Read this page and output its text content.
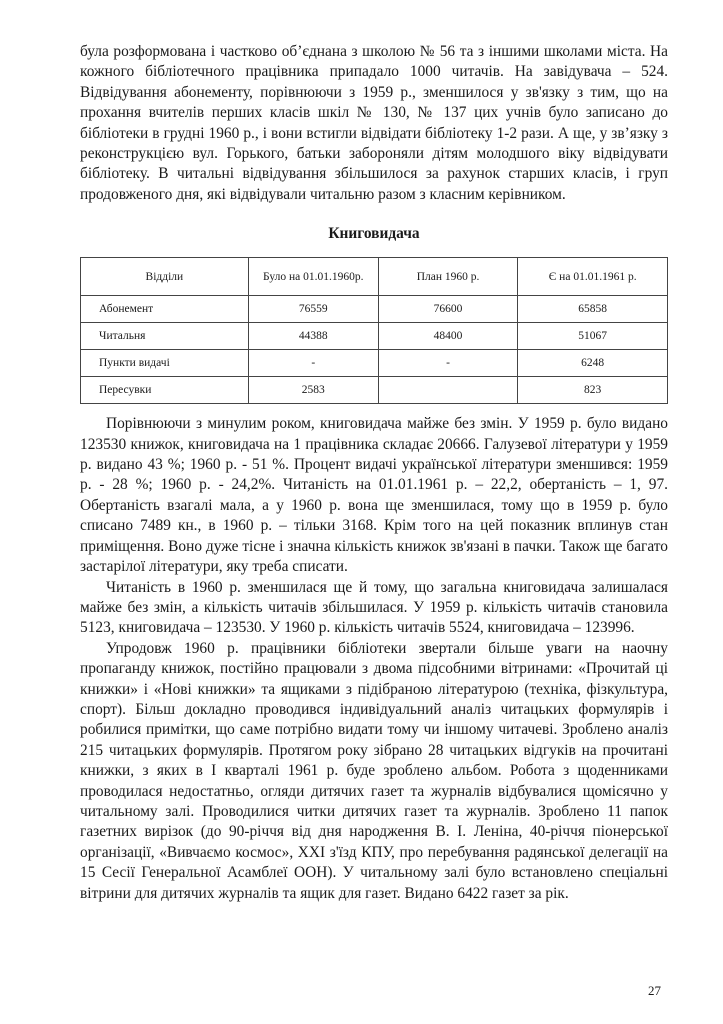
була розформована і частково об’єднана з школою № 56 та з іншими школами міста. На кожного бібліотечного працівника припадало 1000 читачів. На завідувача – 524. Відвідування абонементу, порівнюючи з 1959 р., зменшилося у зв'язку з тим, що на прохання вчителів перших класів шкіл № 130, № 137 цих учнів було записано до бібліотеки в грудні 1960 р., і вони встигли відвідати бібліотеку 1-2 рази. А ще, у зв’язку з реконструкцією вул. Горького, батьки забороняли дітям молодшого віку відвідувати бібліотеку. В читальні відвідування збільшилося за рахунок старших класів, і груп продовженого дня, які відвідували читальню разом з класним керівником.

Книговидача
Відділи	Було на 01.01.1960р.	План 1960 р.	Є на 01.01.1961 р.
Абонемент	76559	76600	65858
Читальня	44388	48400	51067
Пункти видачі	-	-	6248
Пересувки	2583		823

Порівнюючи з минулим роком, книговидача майже без змін. У 1959 р. було видано 123530 книжок, книговидача на 1 працівника складає 20666. Галузевої літератури у 1959 р. видано 43 %; 1960 р. - 51 %. Процент видачі української літератури зменшився: 1959 р. - 28 %; 1960 р. - 24,2%. Читаність на 01.01.1961 р. – 22,2, обертаність – 1, 97. Обертаність взагалі мала, а у 1960 р. вона ще зменшилася, тому що в 1959 р. було списано 7489 кн., в 1960 р. – тільки 3168. Крім того на цей показник вплинув стан приміщення. Воно дуже тісне і значна кількість книжок зв'язані в пачки. Також ще багато застарілої літератури, яку треба списати.

Читаність в 1960 р. зменшилася ще й тому, що загальна книговидача залишалася майже без змін, а кількість читачів збільшилася. У 1959 р. кількість читачів становила 5123, книговидача – 123530. У 1960 р. кількість читачів 5524, книговидача – 123996.

Упродовж 1960 р. працівники бібліотеки звертали більше уваги на наочну пропаганду книжок, постійно працювали з двома підсобними вітринами: «Прочитай ці книжки» і «Нові книжки» та ящиками з підібраною літературою (техніка, фізкультура, спорт). Більш докладно проводився індивідуальний аналіз читацьких формулярів і робилися примітки, що саме потрібно видати тому чи іншому читачеві. Зроблено аналіз 215 читацьких формулярів. Протягом року зібрано 28 читацьких відгуків на прочитані книжки, з яких в І кварталі 1961 р. буде зроблено альбом. Робота з щоденниками проводилася недостатньо, огляди дитячих газет та журналів відбувалися щомісячно у читальному залі. Проводилися читки дитячих газет та журналів. Зроблено 11 папок газетних вирізок (до 90-річчя від дня народження В. І. Леніна, 40-річчя піонерської організації, «Вивчаємо космос», ХХІ з'їзд КПУ, про перебування радянської делегації на 15 Сесії Генеральної Асамблеї ООН). У читальному залі було встановлено спеціальні вітрини для дитячих журналів та ящик для газет. Видано 6422 газет за рік.

27
